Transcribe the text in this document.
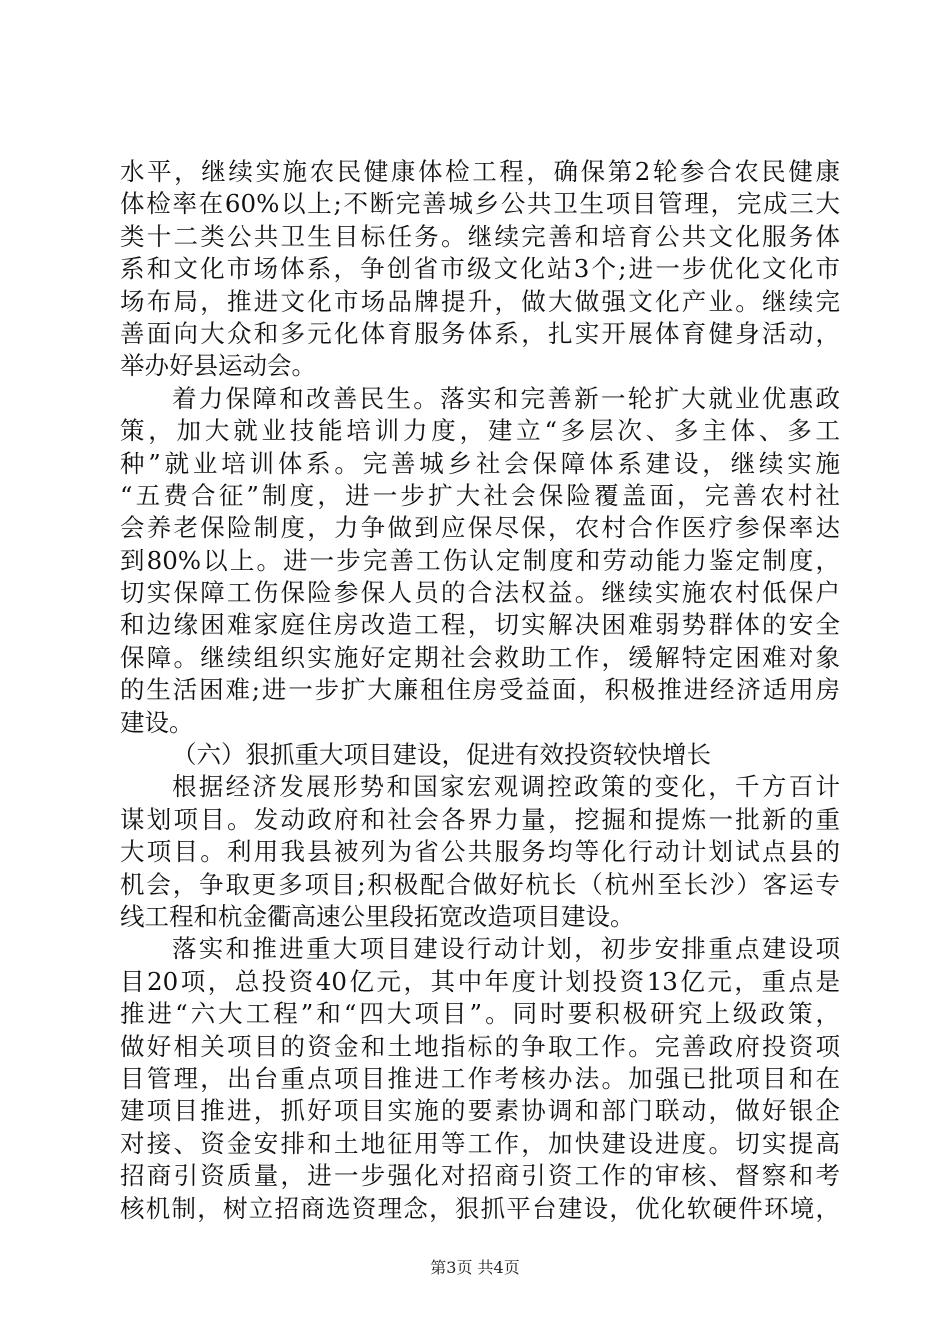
水平，继续实施农民健康体检工程，确保第2轮参合农民健康
体检率在60%以上;不断完善城乡公共卫生项目管理，完成三大
类十二类公共卫生目标任务。继续完善和培育公共文化服务体
系和文化市场体系，争创省市级文化站3个;进一步优化文化市
场布局，推进文化市场品牌提升，做大做强文化产业。继续完
善面向大众和多元化体育服务体系，扎实开展体育健身活动，
举办好县运动会。
着力保障和改善民生。落实和完善新一轮扩大就业优惠政
策，加大就业技能培训力度，建立“多层次、多主体、多工
种”就业培训体系。完善城乡社会保障体系建设，继续实施
“五费合征”制度，进一步扩大社会保险覆盖面，完善农村社
会养老保险制度，力争做到应保尽保，农村合作医疗参保率达
到80%以上。进一步完善工伤认定制度和劳动能力鉴定制度，
切实保障工伤保险参保人员的合法权益。继续实施农村低保户
和边缘困难家庭住房改造工程，切实解决困难弱势群体的安全
保障。继续组织实施好定期社会救助工作，缓解特定困难对象
的生活困难;进一步扩大廉租住房受益面，积极推进经济适用房
建设。
（六）狠抓重大项目建设，促进有效投资较快增长
根据经济发展形势和国家宏观调控政策的变化，千方百计
谋划项目。发动政府和社会各界力量，挖掘和提炼一批新的重
大项目。利用我县被列为省公共服务均等化行动计划试点县的
机会，争取更多项目;积极配合做好杭长（杭州至长沙）客运专
线工程和杭金衢高速公里段拓宽改造项目建设。
落实和推进重大项目建设行动计划，初步安排重点建设项
目20项，总投资40亿元，其中年度计划投资13亿元，重点是
推进“六大工程”和“四大项目”。同时要积极研究上级政策，
做好相关项目的资金和土地指标的争取工作。完善政府投资项
目管理，出台重点项目推进工作考核办法。加强已批项目和在
建项目推进，抓好项目实施的要素协调和部门联动，做好银企
对接、资金安排和土地征用等工作，加快建设进度。切实提高
招商引资质量，进一步强化对招商引资工作的审核、督察和考
核机制，树立招商选资理念，狠抓平台建设，优化软硬件环境，
第3页 共4页
